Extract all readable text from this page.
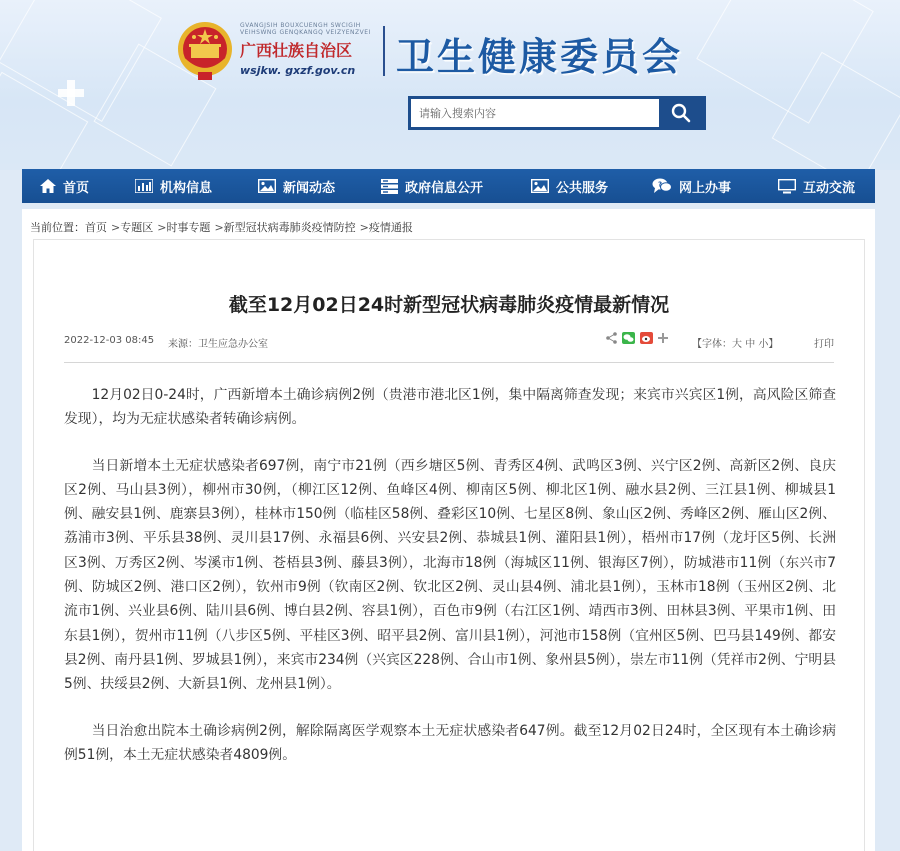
GVANGJSIH BOUXCUENGH SWCIGIH
VEIHSWNG GENQKANGQ VEIZYENZVEI
广西壮族自治区
wsjkw. gxzf.gov.cn	卫生健康委员会
请输入搜索内容
首页	机构信息	新闻动态	政府信息公开	公共服务	? 网上办事	互动交流
当前位置：首页 >专题区 >时事专题 >新型冠状病毒肺炎疫情防控 >疫情通报
截至12月02日24时新型冠状病毒肺炎疫情最新情况
2022-12-03 08:45 来源：卫生应急办公室	【字体：大 中 小】	打印

12月02日0-24时，广西新增本土确诊病例2例（贵港市港北区1例，集中隔离筛查发现；来宾市兴宾区1例，高风险区筛查发现），均为无症状感染者转确诊病例。

当日新增本土无症状感染者697例，南宁市21例（西乡塘区5例、青秀区4例、武鸣区3例、兴宁区2例、高新区2例、良庆区2例、马山县3例），柳州市30例，（柳江区12例、鱼峰区4例、柳南区5例、柳北区1例、融水县2例、三江县1例、柳城县1例、融安县1例、鹿寨县3例），桂林市150例（临桂区58例、叠彩区10例、七星区8例、象山区2例、秀峰区2例、雁山区2例、荔浦市3例、平乐县38例、灵川县17例、永福县6例、兴安县2例、恭城县1例、灌阳县1例），梧州市17例（龙圩区5例、长洲区3例、万秀区2例、岑溪市1例、苍梧县3例、藤县3例），北海市18例（海城区11例、银海区7例），防城港市11例（东兴市7例、防城区2例、港口区2例），钦州市9例（钦南区2例、钦北区2例、灵山县4例、浦北县1例），玉林市18例（玉州区2例、北流市1例、兴业县6例、陆川县6例、博白县2例、容县1例），百色市9例（右江区1例、靖西市3例、田林县3例、平果市1例、田东县1例），贺州市11例（八步区5例、平桂区3例、昭平县2例、富川县1例），河池市158例（宜州区5例、巴马县149例、都安县2例、南丹县1例、罗城县1例），来宾市234例（兴宾区228例、合山市1例、象州县5例），崇左市11例（凭祥市2例、宁明县5例、扶绥县2例、大新县1例、龙州县1例）。

当日治愈出院本土确诊病例2例，解除隔离医学观察本土无症状感染者647例。截至12月02日24时，全区现有本土确诊病例51例，本土无症状感染者4809例。
